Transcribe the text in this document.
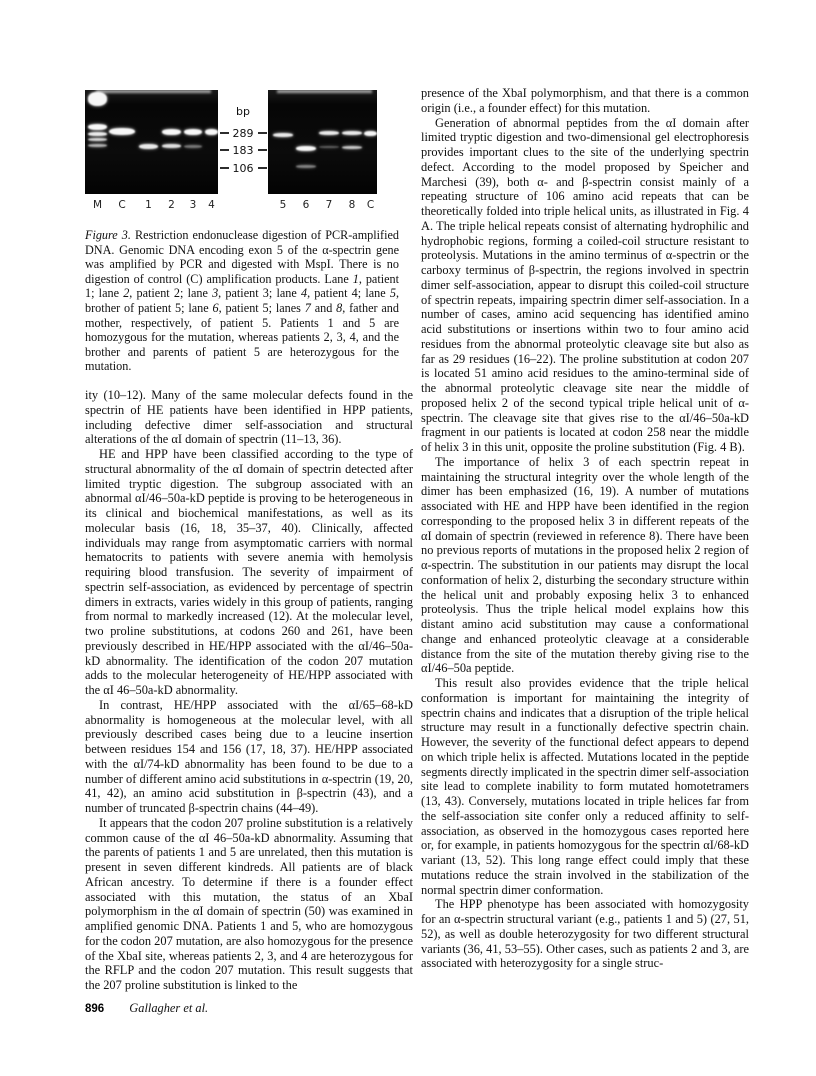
bp
M C 1 2 3 4	5 6 7 8 C
289
183
106
Figure 3. Restriction endonuclease digestion of PCR-amplified DNA. Genomic DNA encoding exon 5 of the α-spectrin gene was amplified by PCR and digested with MspI. There is no digestion of control (C) amplification products. Lane 1, patient 1; lane 2, patient 2; lane 3, patient 3; lane 4, patient 4; lane 5, brother of patient 5; lane 6, patient 5; lanes 7 and 8, father and mother, respectively, of patient 5. Patients 1 and 5 are homozygous for the mutation, whereas patients 2, 3, 4, and the brother and parents of patient 5 are heterozygous for the mutation.

ity (10–12). Many of the same molecular defects found in the spectrin of HE patients have been identified in HPP patients, including defective dimer self-association and structural alterations of the αI domain of spectrin (11–13, 36).

HE and HPP have been classified according to the type of structural abnormality of the αI domain of spectrin detected after limited tryptic digestion. The subgroup associated with an abnormal αI/46–50a-kD peptide is proving to be heterogeneous in its clinical and biochemical manifestations, as well as its molecular basis (16, 18, 35–37, 40). Clinically, affected individuals may range from asymptomatic carriers with normal hematocrits to patients with severe anemia with hemolysis requiring blood transfusion. The severity of impairment of spectrin self-association, as evidenced by percentage of spectrin dimers in extracts, varies widely in this group of patients, ranging from normal to markedly increased (12). At the molecular level, two proline substitutions, at codons 260 and 261, have been previously described in HE/HPP associated with the αI/46–50a-kD abnormality. The identification of the codon 207 mutation adds to the molecular heterogeneity of HE/HPP associated with the αI 46–50a-kD abnormality.

In contrast, HE/HPP associated with the αI/65–68-kD abnormality is homogeneous at the molecular level, with all previously described cases being due to a leucine insertion between residues 154 and 156 (17, 18, 37). HE/HPP associated with the αI/74-kD abnormality has been found to be due to a number of different amino acid substitutions in α-spectrin (19, 20, 41, 42), an amino acid substitution in β-spectrin (43), and a number of truncated β-spectrin chains (44–49).

It appears that the codon 207 proline substitution is a relatively common cause of the αI 46–50a-kD abnormality. Assuming that the parents of patients 1 and 5 are unrelated, then this mutation is present in seven different kindreds. All patients are of black African ancestry. To determine if there is a founder effect associated with this mutation, the status of an XbaI polymorphism in the αI domain of spectrin (50) was examined in amplified genomic DNA. Patients 1 and 5, who are homozygous for the codon 207 mutation, are also homozygous for the presence of the XbaI site, whereas patients 2, 3, and 4 are heterozygous for the RFLP and the codon 207 mutation. This result suggests that the 207 proline substitution is linked to the

presence of the XbaI polymorphism, and that there is a common origin (i.e., a founder effect) for this mutation.

Generation of abnormal peptides from the αI domain after limited tryptic digestion and two-dimensional gel electrophoresis provides important clues to the site of the underlying spectrin defect. According to the model proposed by Speicher and Marchesi (39), both α- and β-spectrin consist mainly of a repeating structure of 106 amino acid repeats that can be theoretically folded into triple helical units, as illustrated in Fig. 4 A. The triple helical repeats consist of alternating hydrophilic and hydrophobic regions, forming a coiled-coil structure resistant to proteolysis. Mutations in the amino terminus of α-spectrin or the carboxy terminus of β-spectrin, the regions involved in spectrin dimer self-association, appear to disrupt this coiled-coil structure of spectrin repeats, impairing spectrin dimer self-association. In a number of cases, amino acid sequencing has identified amino acid substitutions or insertions within two to four amino acid residues from the abnormal proteolytic cleavage site but also as far as 29 residues (16–22). The proline substitution at codon 207 is located 51 amino acid residues to the amino-terminal side of the abnormal proteolytic cleavage site near the middle of proposed helix 2 of the second typical triple helical unit of α-spectrin. The cleavage site that gives rise to the αI/46–50a-kD fragment in our patients is located at codon 258 near the middle of helix 3 in this unit, opposite the proline substitution (Fig. 4 B).

The importance of helix 3 of each spectrin repeat in maintaining the structural integrity over the whole length of the dimer has been emphasized (16, 19). A number of mutations associated with HE and HPP have been identified in the region corresponding to the proposed helix 3 in different repeats of the αI domain of spectrin (reviewed in reference 8). There have been no previous reports of mutations in the proposed helix 2 region of α-spectrin. The substitution in our patients may disrupt the local conformation of helix 2, disturbing the secondary structure within the helical unit and probably exposing helix 3 to enhanced proteolysis. Thus the triple helical model explains how this distant amino acid substitution may cause a conformational change and enhanced proteolytic cleavage at a considerable distance from the site of the mutation thereby giving rise to the αI/46–50a peptide.

This result also provides evidence that the triple helical conformation is important for maintaining the integrity of spectrin chains and indicates that a disruption of the triple helical structure may result in a functionally defective spectrin chain. However, the severity of the functional defect appears to depend on which triple helix is affected. Mutations located in the peptide segments directly implicated in the spectrin dimer self-association site lead to complete inability to form mutated homotetramers (13, 43). Conversely, mutations located in triple helices far from the self-association site confer only a reduced affinity to self-association, as observed in the homozygous cases reported here or, for example, in patients homozygous for the spectrin αI/68-kD variant (13, 52). This long range effect could imply that these mutations reduce the strain involved in the stabilization of the normal spectrin dimer conformation.

The HPP phenotype has been associated with homozygosity for an α-spectrin structural variant (e.g., patients 1 and 5) (27, 51, 52), as well as double heterozygosity for two different structural variants (36, 41, 53–55). Other cases, such as patients 2 and 3, are associated with heterozygosity for a single struc-

896 Gallagher et al.
